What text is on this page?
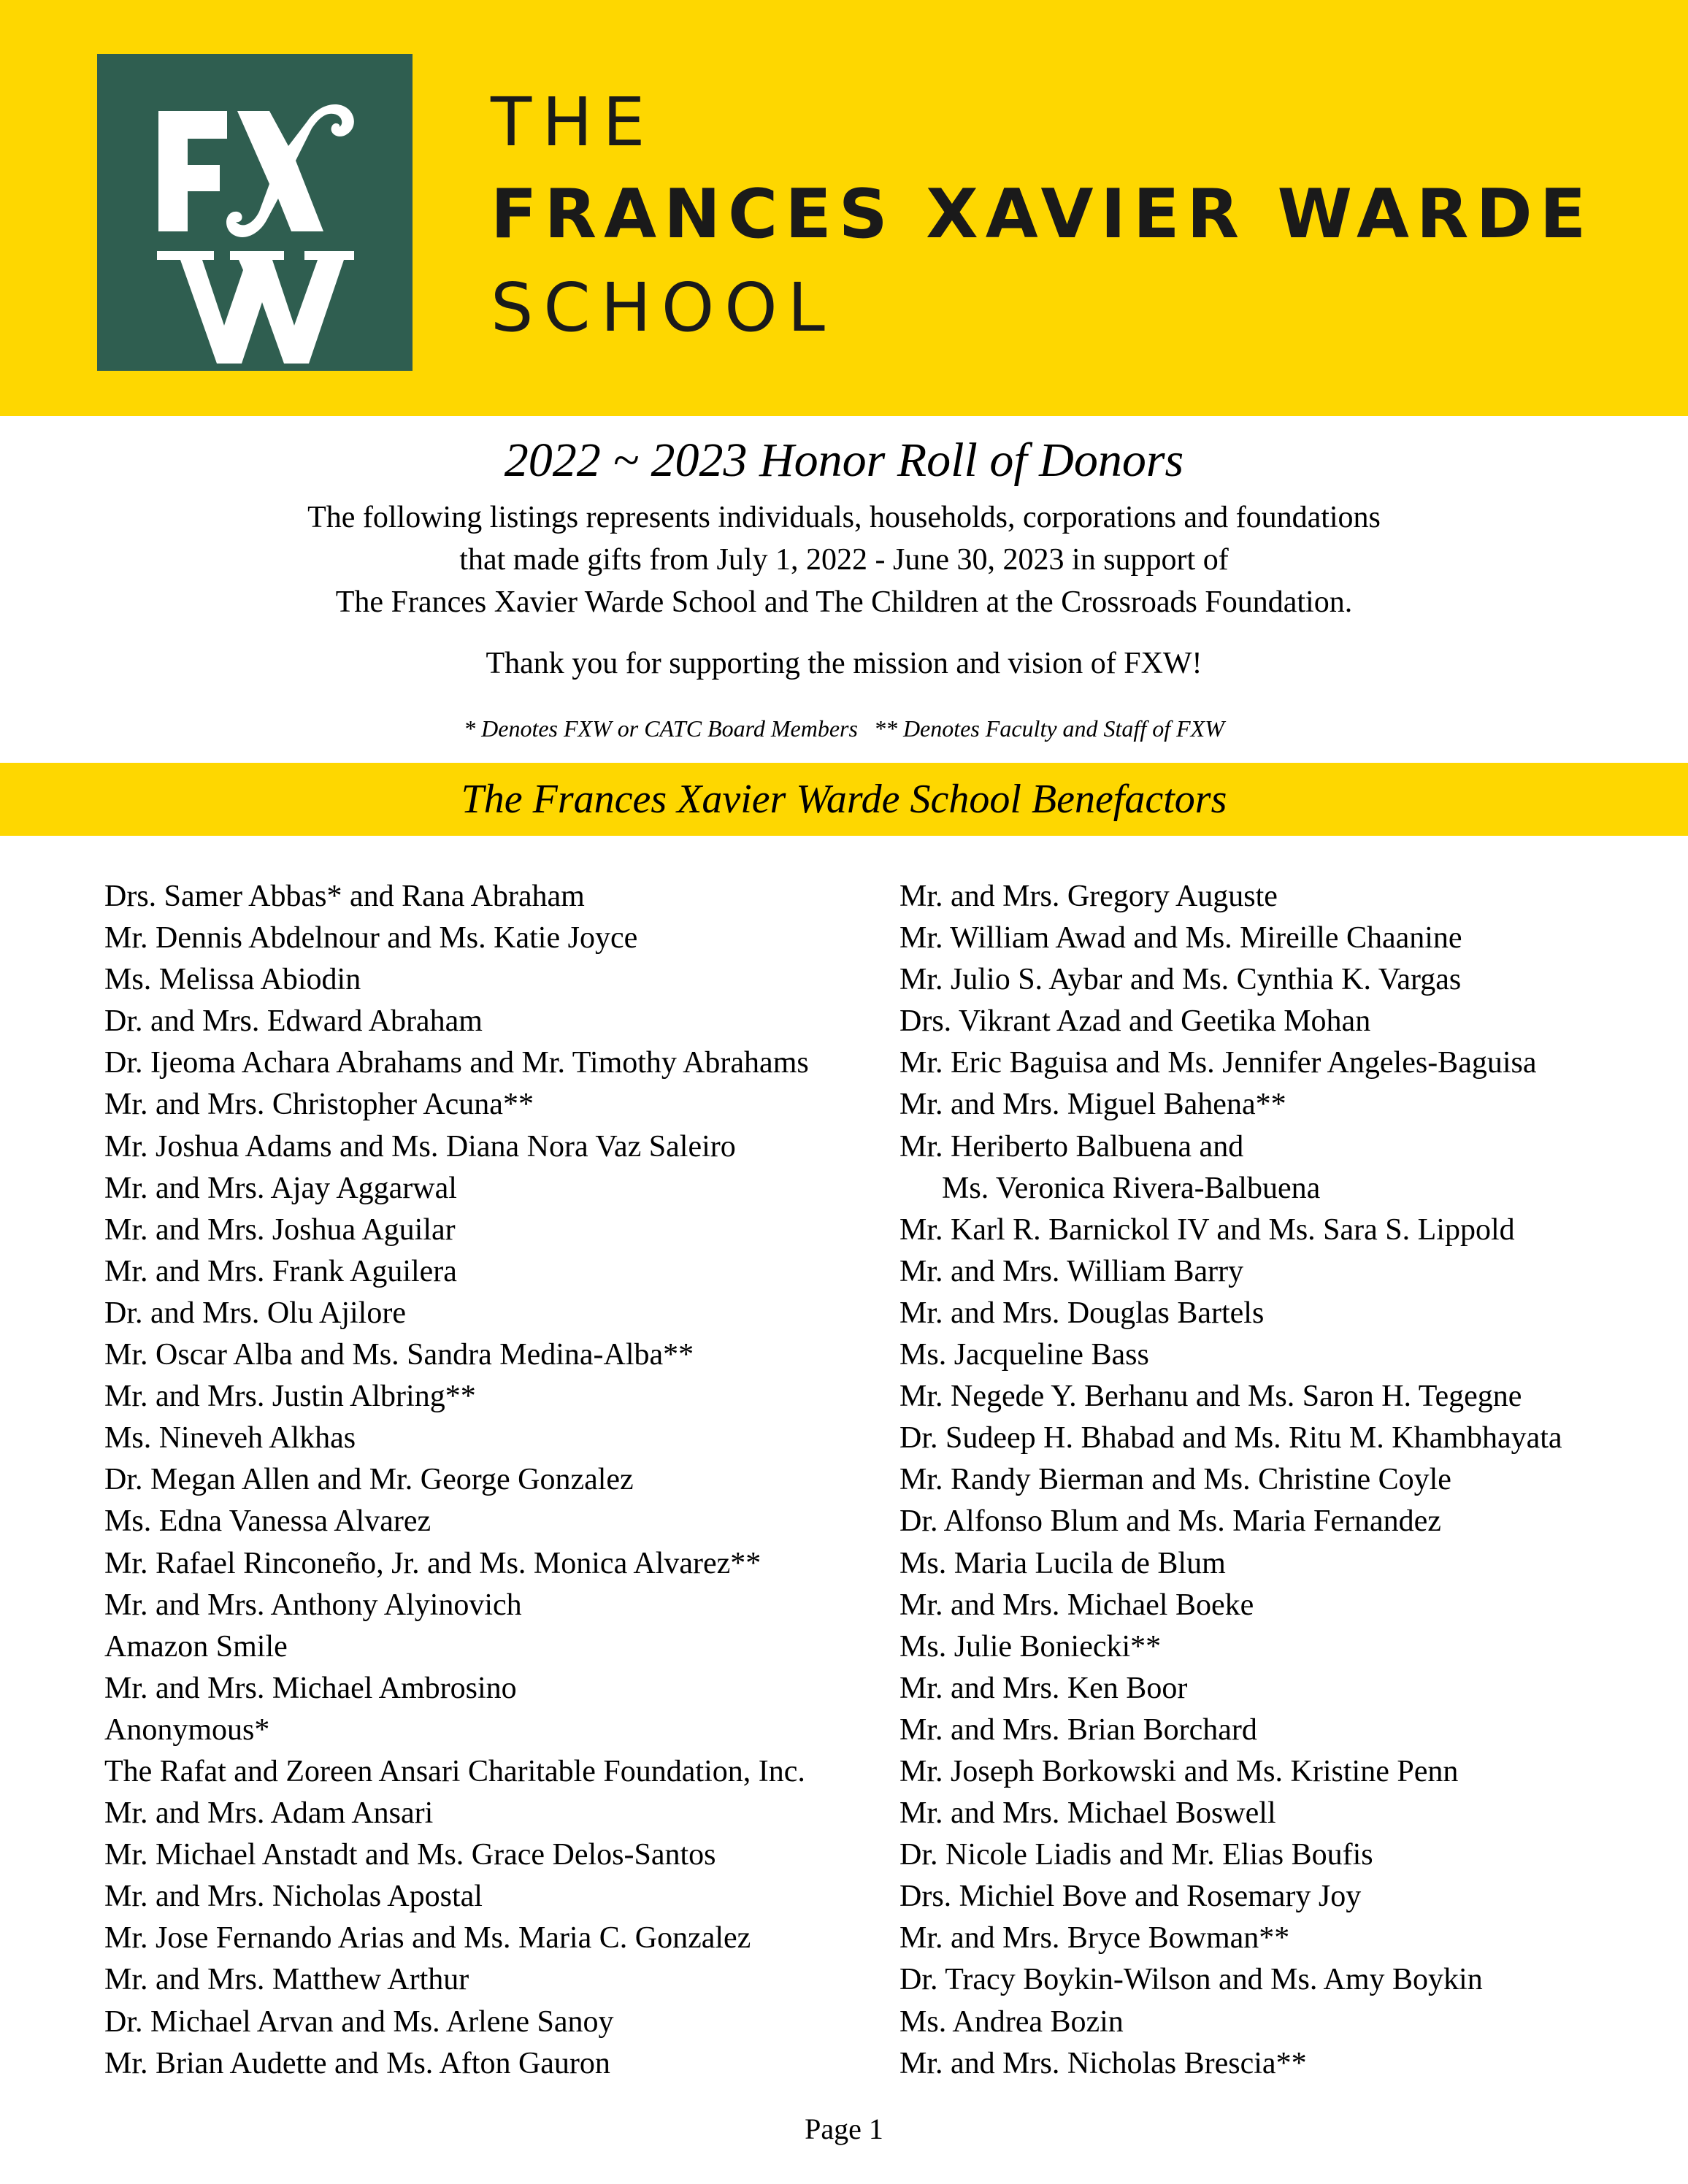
THE
FRANCES XAVIER WARDE
SCHOOL
2022 ~ 2023 Honor Roll of Donors
The following listings represents individuals, households, corporations and foundations
that made gifts from July 1, 2022 - June 30, 2023 in support of
The Frances Xavier Warde School and The Children at the Crossroads Foundation.
Thank you for supporting the mission and vision of FXW!
* Denotes FXW or CATC Board Members ** Denotes Faculty and Staff of FXW
The Frances Xavier Warde School Benefactors
Drs. Samer Abbas* and Rana Abraham
Mr. Dennis Abdelnour and Ms. Katie Joyce
Ms. Melissa Abiodin
Dr. and Mrs. Edward Abraham
Dr. Ijeoma Achara Abrahams and Mr. Timothy Abrahams
Mr. and Mrs. Christopher Acuna**
Mr. Joshua Adams and Ms. Diana Nora Vaz Saleiro
Mr. and Mrs. Ajay Aggarwal
Mr. and Mrs. Joshua Aguilar
Mr. and Mrs. Frank Aguilera
Dr. and Mrs. Olu Ajilore
Mr. Oscar Alba and Ms. Sandra Medina-Alba**
Mr. and Mrs. Justin Albring**
Ms. Nineveh Alkhas
Dr. Megan Allen and Mr. George Gonzalez
Ms. Edna Vanessa Alvarez
Mr. Rafael Rinconeño, Jr. and Ms. Monica Alvarez**
Mr. and Mrs. Anthony Alyinovich
Amazon Smile
Mr. and Mrs. Michael Ambrosino
Anonymous*
The Rafat and Zoreen Ansari Charitable Foundation, Inc.
Mr. and Mrs. Adam Ansari
Mr. Michael Anstadt and Ms. Grace Delos-Santos
Mr. and Mrs. Nicholas Apostal
Mr. Jose Fernando Arias and Ms. Maria C. Gonzalez
Mr. and Mrs. Matthew Arthur
Dr. Michael Arvan and Ms. Arlene Sanoy
Mr. Brian Audette and Ms. Afton Gauron
Mr. and Mrs. Gregory Auguste
Mr. William Awad and Ms. Mireille Chaanine
Mr. Julio S. Aybar and Ms. Cynthia K. Vargas
Drs. Vikrant Azad and Geetika Mohan
Mr. Eric Baguisa and Ms. Jennifer Angeles-Baguisa
Mr. and Mrs. Miguel Bahena**
Mr. Heriberto Balbuena and
Ms. Veronica Rivera-Balbuena
Mr. Karl R. Barnickol IV and Ms. Sara S. Lippold
Mr. and Mrs. William Barry
Mr. and Mrs. Douglas Bartels
Ms. Jacqueline Bass
Mr. Negede Y. Berhanu and Ms. Saron H. Tegegne
Dr. Sudeep H. Bhabad and Ms. Ritu M. Khambhayata
Mr. Randy Bierman and Ms. Christine Coyle
Dr. Alfonso Blum and Ms. Maria Fernandez
Ms. Maria Lucila de Blum
Mr. and Mrs. Michael Boeke
Ms. Julie Boniecki**
Mr. and Mrs. Ken Boor
Mr. and Mrs. Brian Borchard
Mr. Joseph Borkowski and Ms. Kristine Penn
Mr. and Mrs. Michael Boswell
Dr. Nicole Liadis and Mr. Elias Boufis
Drs. Michiel Bove and Rosemary Joy
Mr. and Mrs. Bryce Bowman**
Dr. Tracy Boykin-Wilson and Ms. Amy Boykin
Ms. Andrea Bozin
Mr. and Mrs. Nicholas Brescia**
Page 1
